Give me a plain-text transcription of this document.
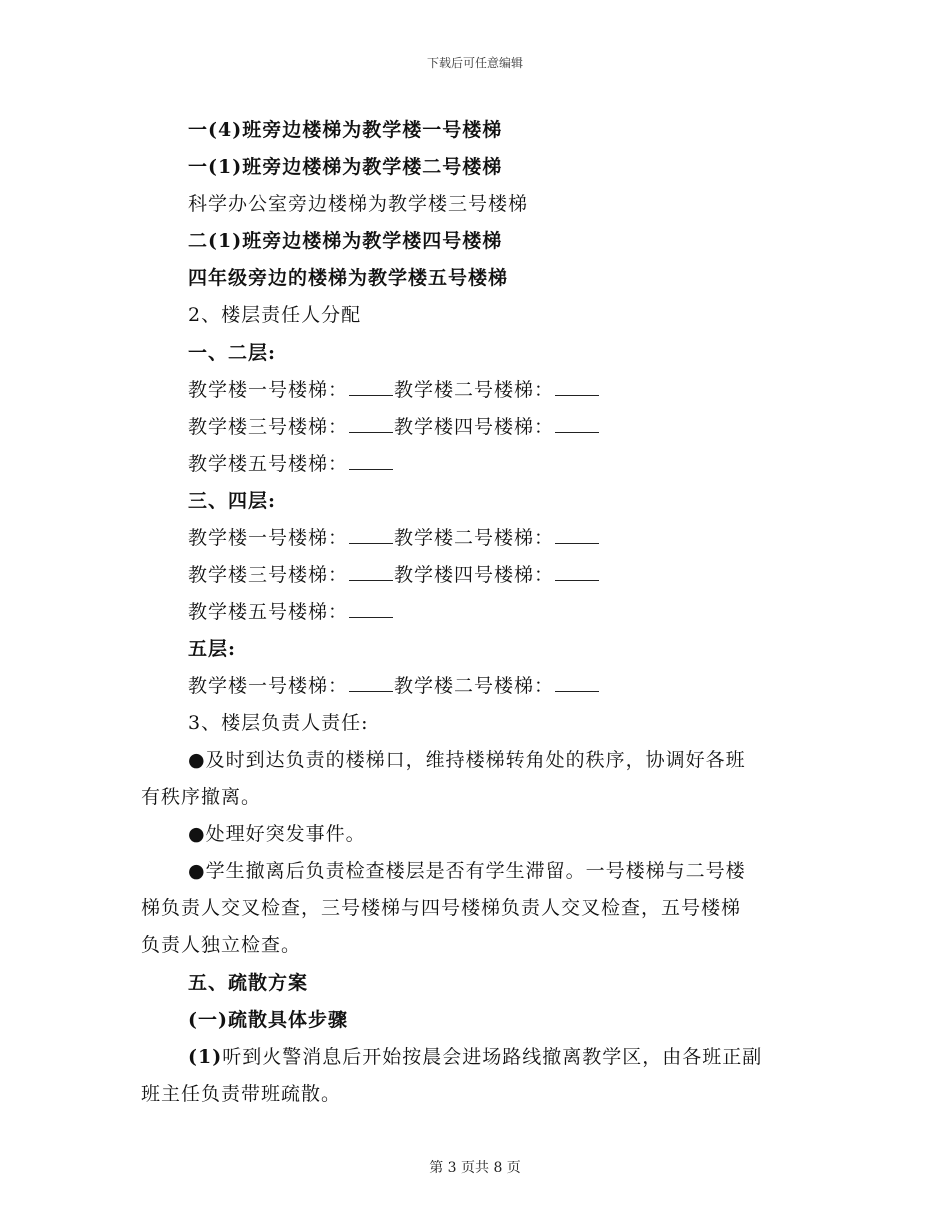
下载后可任意编辑
一(4)班旁边楼梯为教学楼一号楼梯
一(1)班旁边楼梯为教学楼二号楼梯
科学办公室旁边楼梯为教学楼三号楼梯
二(1)班旁边楼梯为教学楼四号楼梯
四年级旁边的楼梯为教学楼五号楼梯
2、楼层责任人分配
一、二层:
教学楼一号楼梯： 教学楼二号楼梯：
教学楼三号楼梯： 教学楼四号楼梯：
教学楼五号楼梯：
三、四层:
教学楼一号楼梯： 教学楼二号楼梯：
教学楼三号楼梯： 教学楼四号楼梯：
教学楼五号楼梯：
五层:
教学楼一号楼梯： 教学楼二号楼梯：
3、楼层负责人责任:
●及时到达负责的楼梯口，维持楼梯转角处的秩序，协调好各班
有秩序撤离。
●处理好突发事件。
●学生撤离后负责检查楼层是否有学生滞留。一号楼梯与二号楼
梯负责人交叉检查，三号楼梯与四号楼梯负责人交叉检查，五号楼梯
负责人独立检查。
五、疏散方案
(一)疏散具体步骤
(1)听到火警消息后开始按晨会进场路线撤离教学区，由各班正副
班主任负责带班疏散。
第 3 页共 8 页
